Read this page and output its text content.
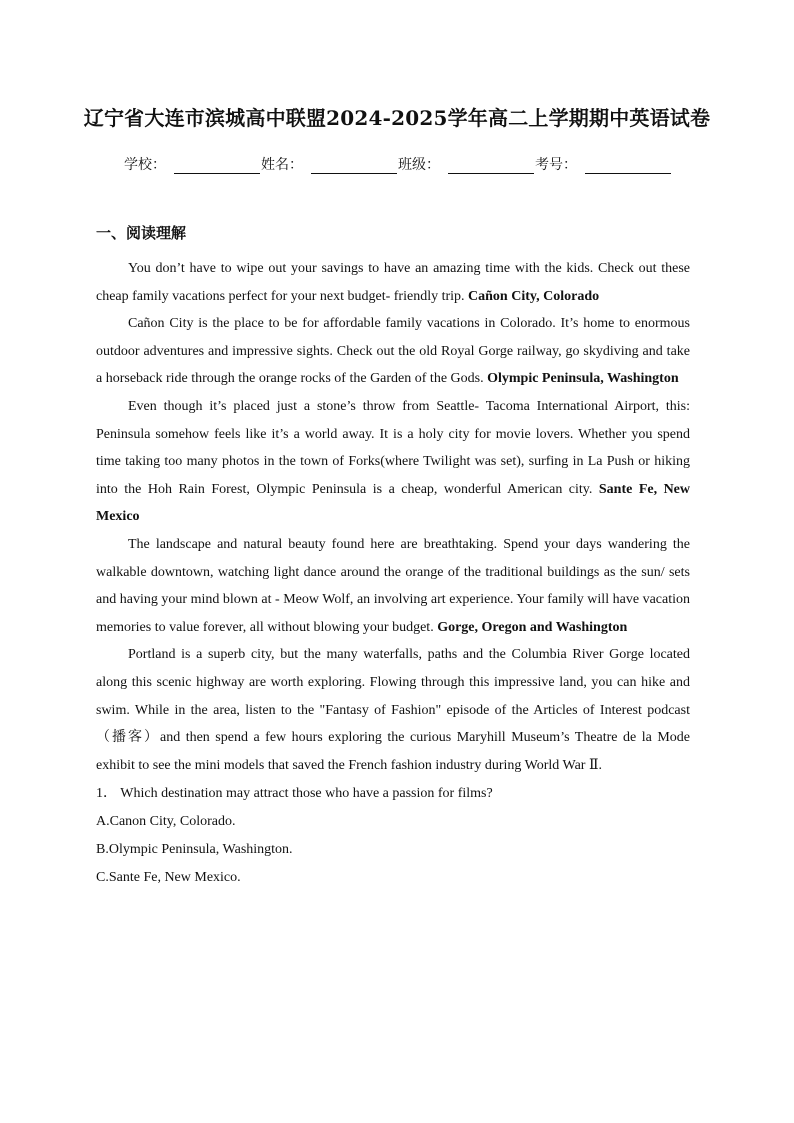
辽宁省大连市滨城高中联盟2024-2025学年高二上学期期中英语试卷
学校：	姓名：	班级：	考号：
一、阅读理解

You don’t have to wipe out your savings to have an amazing time with the kids. Check out these cheap family vacations perfect for your next budget- friendly trip. Cañon City, Colorado

Cañon City is the place to be for affordable family vacations in Colorado. It’s home to enormous outdoor adventures and impressive sights. Check out the old Royal Gorge railway, go skydiving and take a horseback ride through the orange rocks of the Garden of the Gods. Olympic Peninsula, Washington

Even though it’s placed just a stone’s throw from Seattle- Tacoma International Airport, this: Peninsula somehow feels like it’s a world away. It is a holy city for movie lovers. Whether you spend time taking too many photos in the town of Forks(where Twilight was set), surfing in La Push or hiking into the Hoh Rain Forest, Olympic Peninsula is a cheap, wonderful American city. Sante Fe, New Mexico

The landscape and natural beauty found here are breathtaking. Spend your days wandering the walkable downtown, watching light dance around the orange of the traditional buildings as the sun/ sets and having your mind blown at - Meow Wolf, an involving art experience. Your family will have vacation memories to value forever, all without blowing your budget. Gorge, Oregon and Washington

Portland is a superb city, but the many waterfalls, paths and the Columbia River Gorge located along this scenic highway are worth exploring. Flowing through this impressive land, you can hike and swim. While in the area, listen to the "Fantasy of Fashion" episode of the Articles of Interest podcast （播客）and then spend a few hours exploring the curious Maryhill Museum’s Theatre de la Mode exhibit to see the mini models that saved the French fashion industry during World War Ⅱ.

1． Which destination may attract those who have a passion for films?

A.Canon City, Colorado.

B.Olympic Peninsula, Washington.

C.Sante Fe, New Mexico.
